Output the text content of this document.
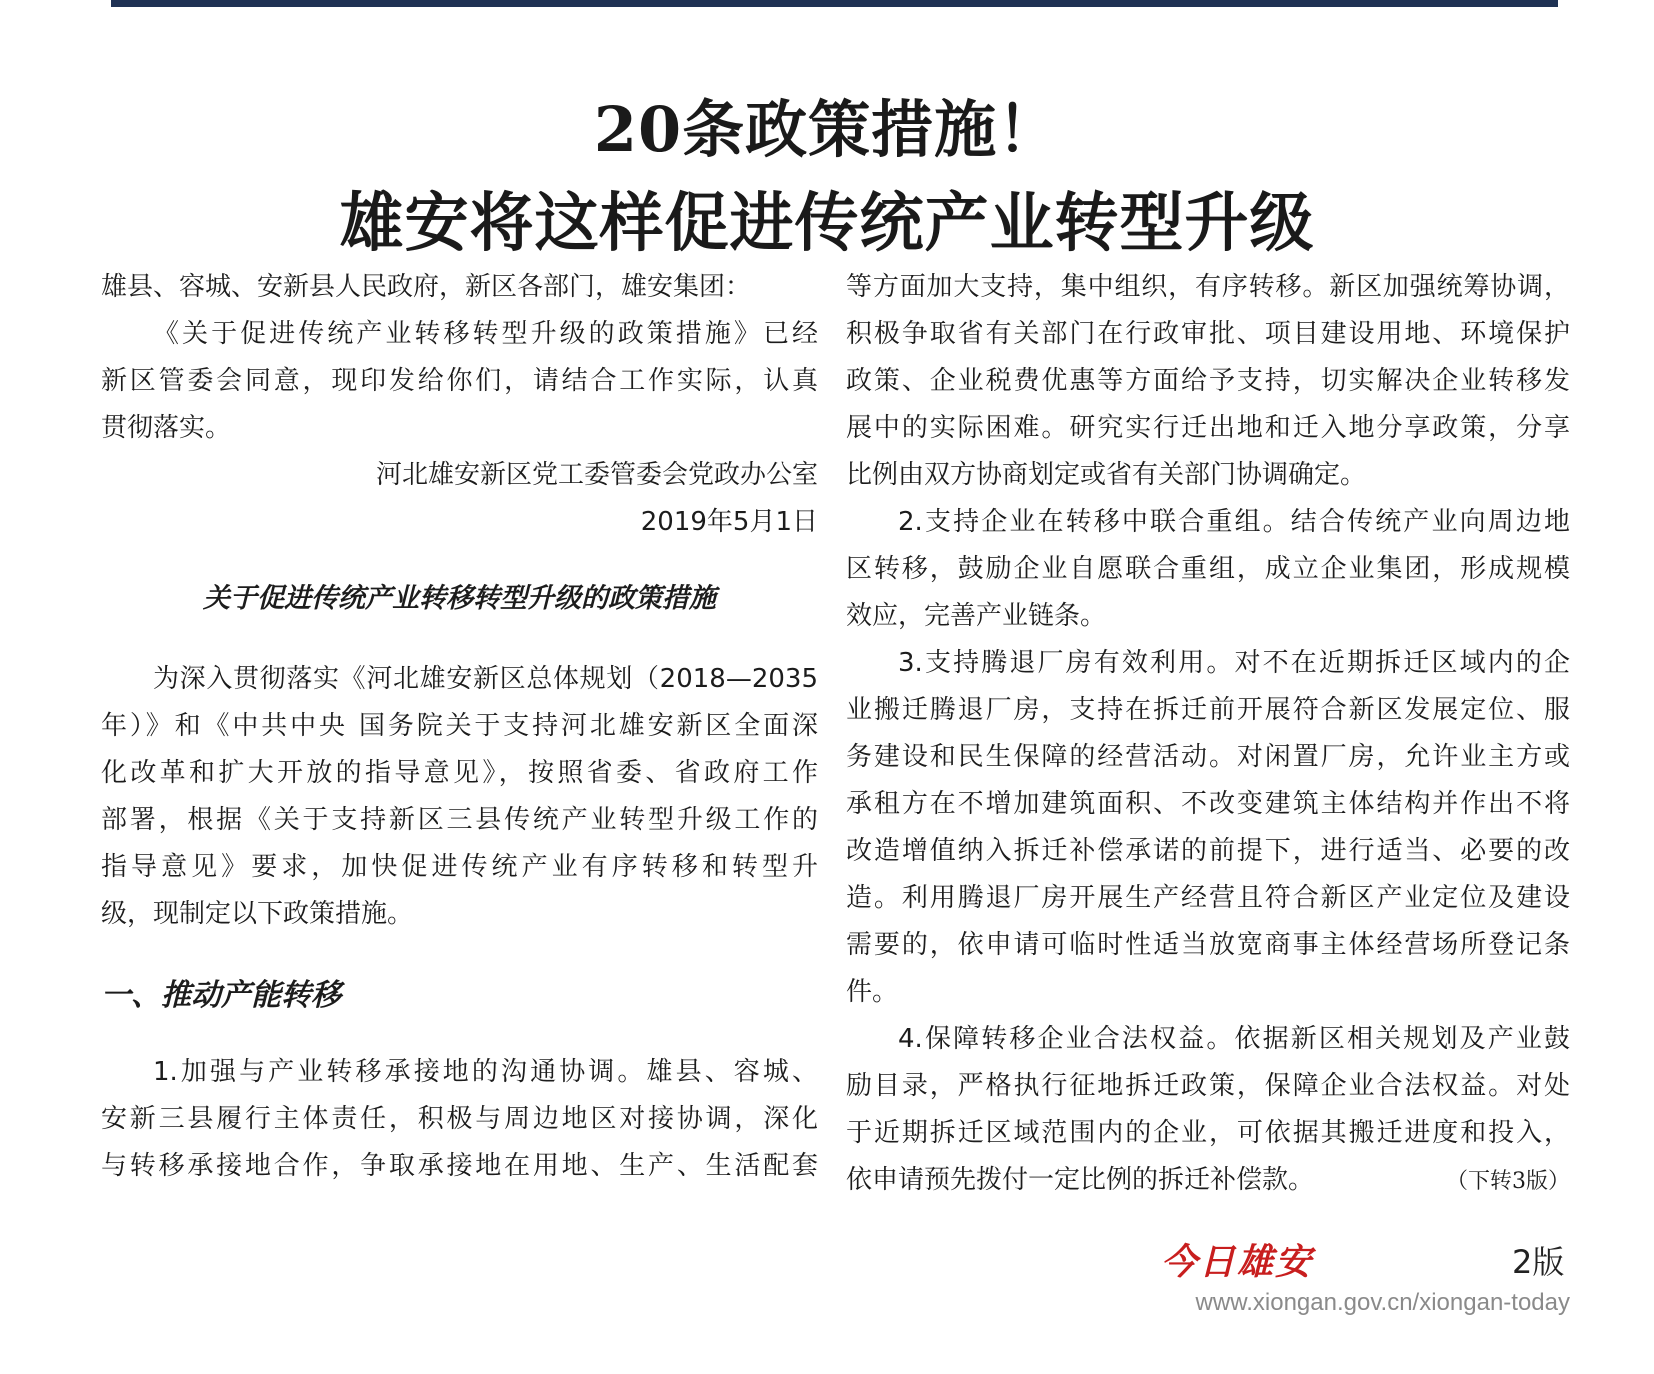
20条政策措施！
雄安将这样促进传统产业转型升级

雄县、容城、安新县人民政府，新区各部门，雄安集团：

《关于促进传统产业转移转型升级的政策措施》已经

新区管委会同意，现印发给你们，请结合工作实际，认真

贯彻落实。

河北雄安新区党工委管委会党政办公室

2019年5月1日

关于促进传统产业转移转型升级的政策措施

为深入贯彻落实《河北雄安新区总体规划（2018—2035

年）》和《中共中央 国务院关于支持河北雄安新区全面深

化改革和扩大开放的指导意见》，按照省委、省政府工作

部署，根据《关于支持新区三县传统产业转型升级工作的

指导意见》要求，加快促进传统产业有序转移和转型升

级，现制定以下政策措施。

一、推动产能转移

1.加强与产业转移承接地的沟通协调。雄县、容城、

安新三县履行主体责任，积极与周边地区对接协调，深化

与转移承接地合作，争取承接地在用地、生产、生活配套

等方面加大支持，集中组织，有序转移。新区加强统筹协调，

积极争取省有关部门在行政审批、项目建设用地、环境保护

政策、企业税费优惠等方面给予支持，切实解决企业转移发

展中的实际困难。研究实行迁出地和迁入地分享政策，分享

比例由双方协商划定或省有关部门协调确定。

2.支持企业在转移中联合重组。结合传统产业向周边地

区转移，鼓励企业自愿联合重组，成立企业集团，形成规模

效应，完善产业链条。

3.支持腾退厂房有效利用。对不在近期拆迁区域内的企

业搬迁腾退厂房，支持在拆迁前开展符合新区发展定位、服

务建设和民生保障的经营活动。对闲置厂房，允许业主方或

承租方在不增加建筑面积、不改变建筑主体结构并作出不将

改造增值纳入拆迁补偿承诺的前提下，进行适当、必要的改

造。利用腾退厂房开展生产经营且符合新区产业定位及建设

需要的，依申请可临时性适当放宽商事主体经营场所登记条

件。

4.保障转移企业合法权益。依据新区相关规划及产业鼓

励目录，严格执行征地拆迁政策，保障企业合法权益。对处

于近期拆迁区域范围内的企业，可依据其搬迁进度和投入，

依申请预先拨付一定比例的拆迁补偿款。	（下转3版）

今日雄安	2版
www.xiongan.gov.cn/xiongan-today
